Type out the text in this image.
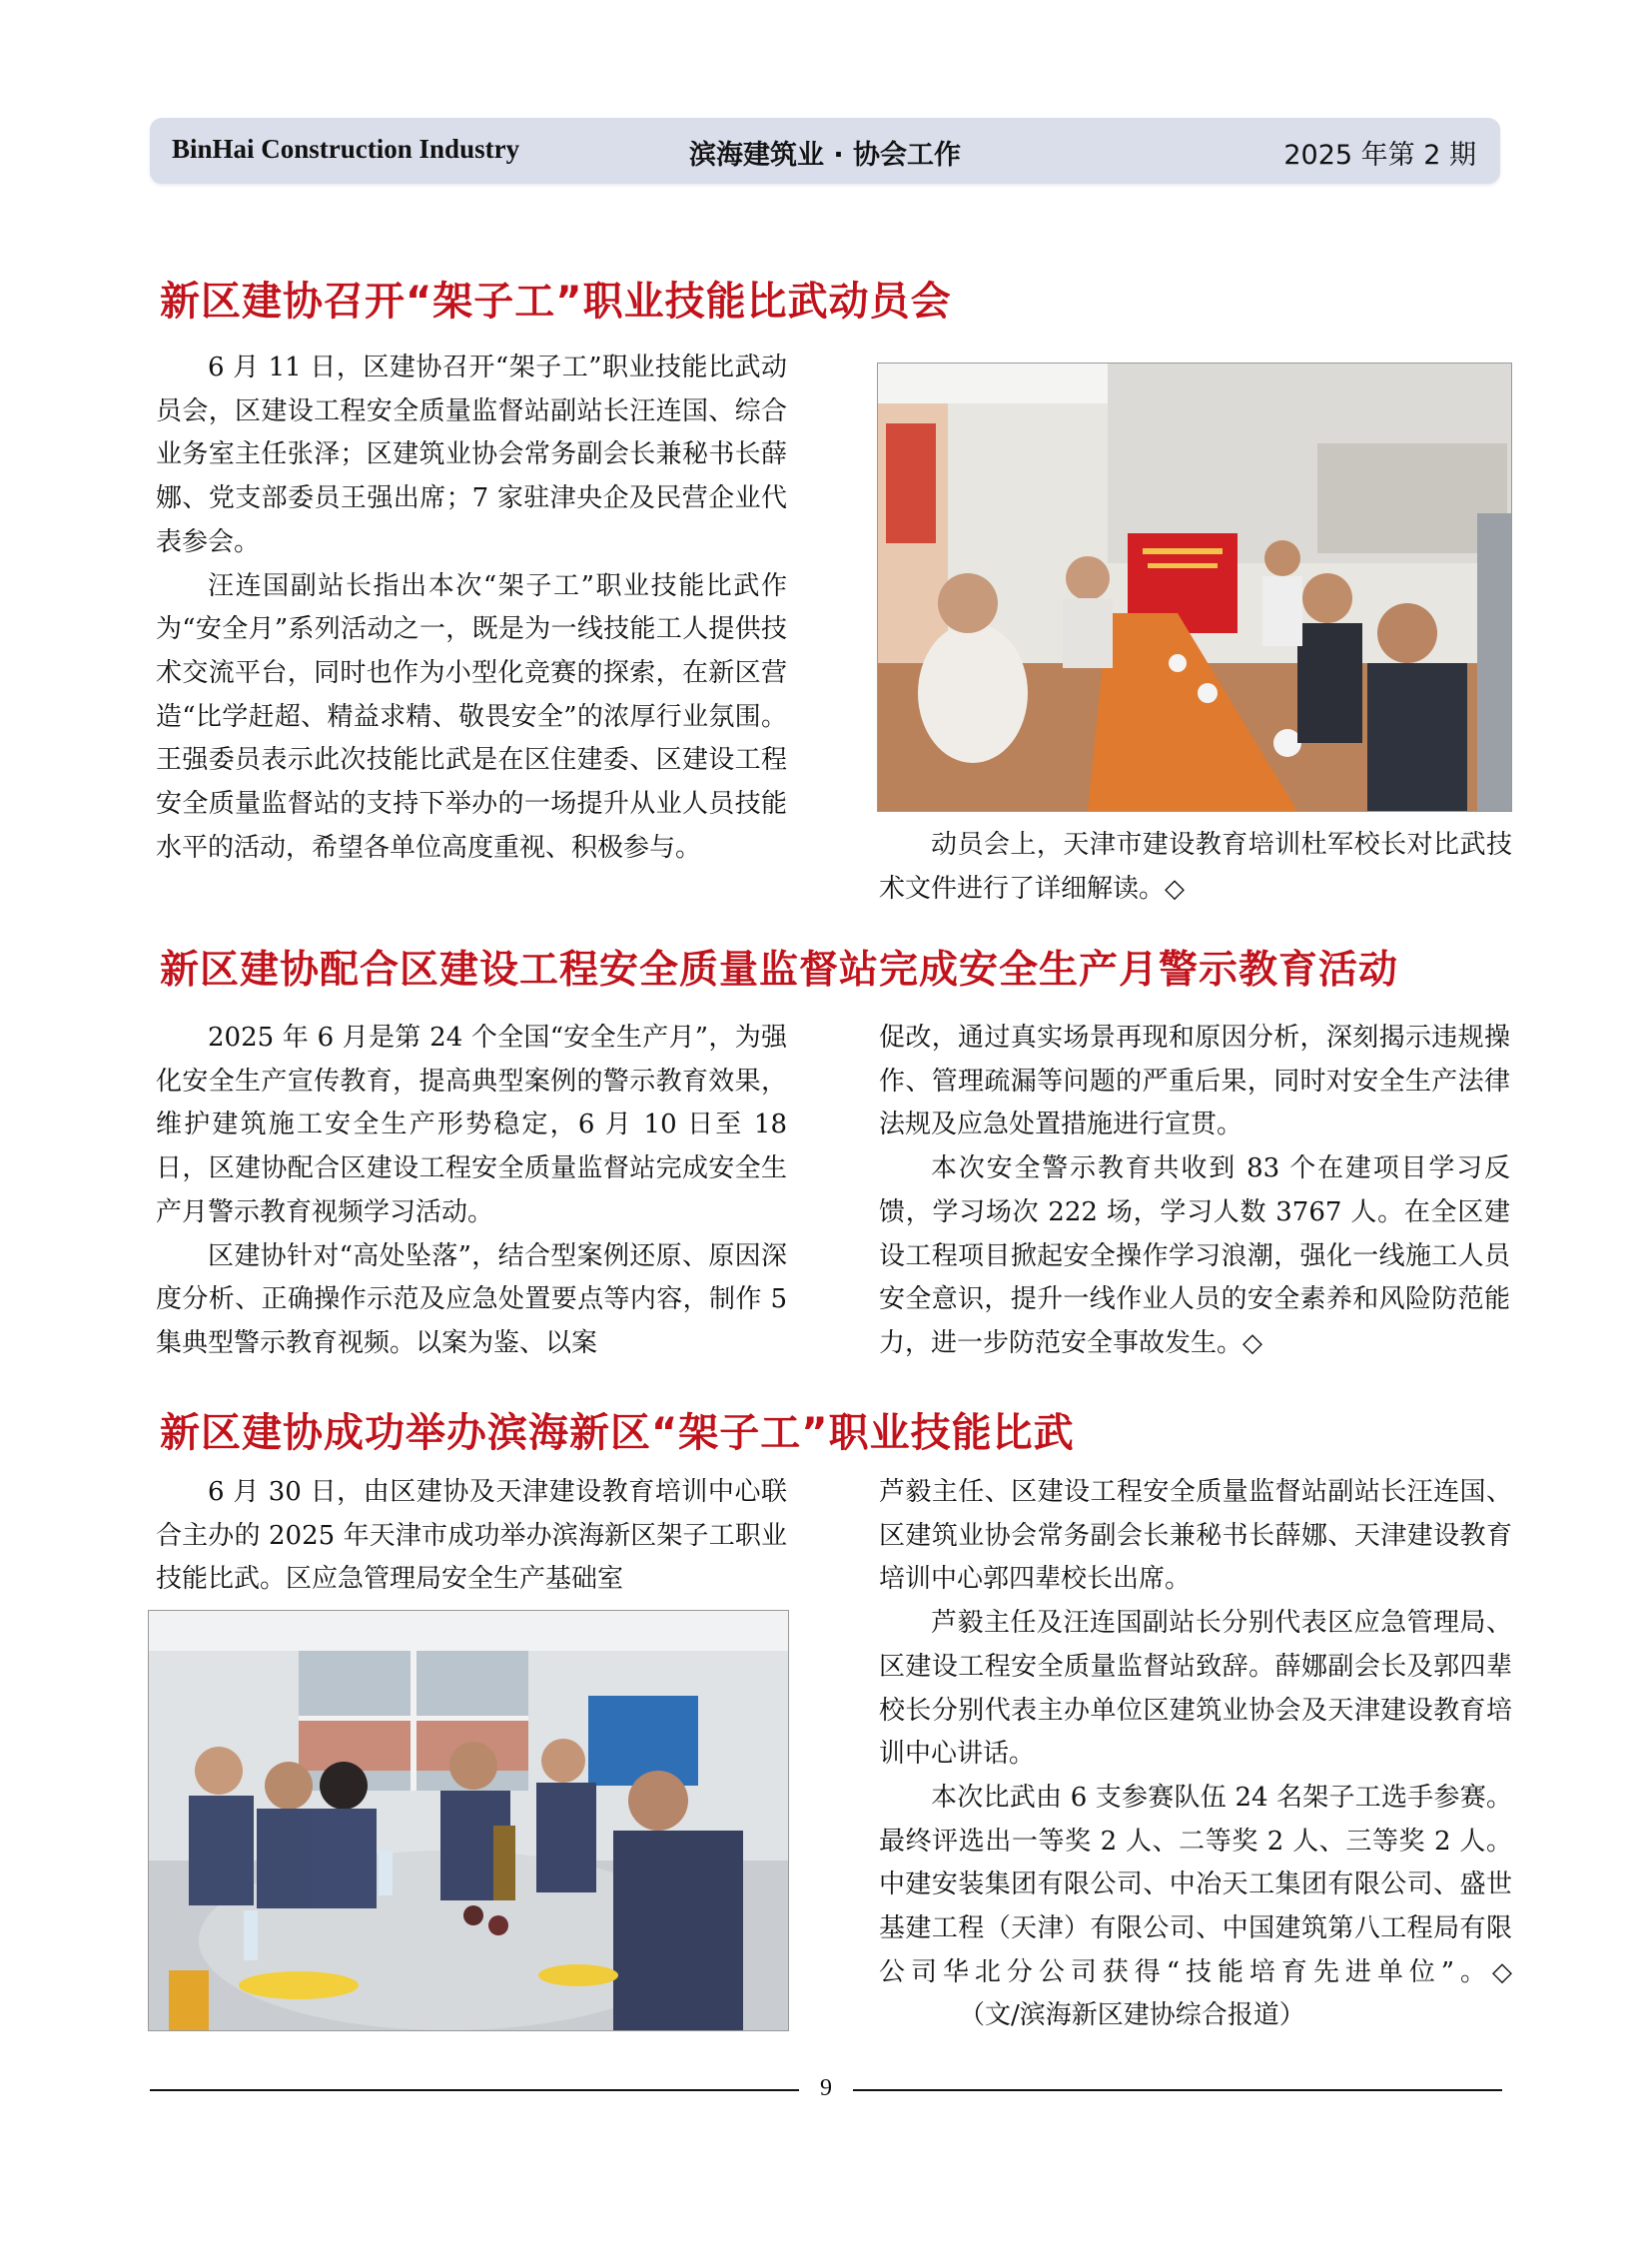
BinHai Construction Industry	滨海建筑业 · 协会工作	2025 年第 2 期
新区建协召开“架子工”职业技能比武动员会

6 月 11 日，区建协召开“架子工”职业技能比武动员会，区建设工程安全质量监督站副站长汪连国、综合业务室主任张泽；区建筑业协会常务副会长兼秘书长薛娜、党支部委员王强出席；7 家驻津央企及民营企业代表参会。

汪连国副站长指出本次“架子工”职业技能比武作为“安全月”系列活动之一，既是为一线技能工人提供技术交流平台，同时也作为小型化竞赛的探索，在新区营造“比学赶超、精益求精、敬畏安全”的浓厚行业氛围。王强委员表示此次技能比武是在区住建委、区建设工程安全质量监督站的支持下举办的一场提升从业人员技能水平的活动，希望各单位高度重视、积极参与。	动员会上，天津市建设教育培训杜军校长对比武技术文件进行了详细解读。◇

新区建协配合区建设工程安全质量监督站完成安全生产月警示教育活动

2025 年 6 月是第 24 个全国“安全生产月”，为强化安全生产宣传教育，提高典型案例的警示教育效果，维护建筑施工安全生产形势稳定，6 月 10 日至 18 日，区建协配合区建设工程安全质量监督站完成安全生产月警示教育视频学习活动。

区建协针对“高处坠落”，结合型案例还原、原因深度分析、正确操作示范及应急处置要点等内容，制作 5 集典型警示教育视频。以案为鉴、以案

促改，通过真实场景再现和原因分析，深刻揭示违规操作、管理疏漏等问题的严重后果，同时对安全生产法律法规及应急处置措施进行宣贯。

本次安全警示教育共收到 83 个在建项目学习反馈，学习场次 222 场，学习人数 3767 人。在全区建设工程项目掀起安全操作学习浪潮，强化一线施工人员安全意识，提升一线作业人员的安全素养和风险防范能力，进一步防范安全事故发生。◇

新区建协成功举办滨海新区“架子工”职业技能比武

6 月 30 日，由区建协及天津建设教育培训中心联合主办的 2025 年天津市成功举办滨海新区架子工职业技能比武。区应急管理局安全生产基础室

芦毅主任、区建设工程安全质量监督站副站长汪连国、区建筑业协会常务副会长兼秘书长薛娜、天津建设教育培训中心郭四辈校长出席。

芦毅主任及汪连国副站长分别代表区应急管理局、区建设工程安全质量监督站致辞。薛娜副会长及郭四辈校长分别代表主办单位区建筑业协会及天津建设教育培训中心讲话。

本次比武由 6 支参赛队伍 24 名架子工选手参赛。最终评选出一等奖 2 人、二等奖 2 人、三等奖 2 人。中建安装集团有限公司、中冶天工集团有限公司、盛世基建工程（天津）有限公司、中国建筑第八工程局有限公司华北分公司获得“技能培育先进单位”。◇（文/滨海新区建协综合报道）

9
